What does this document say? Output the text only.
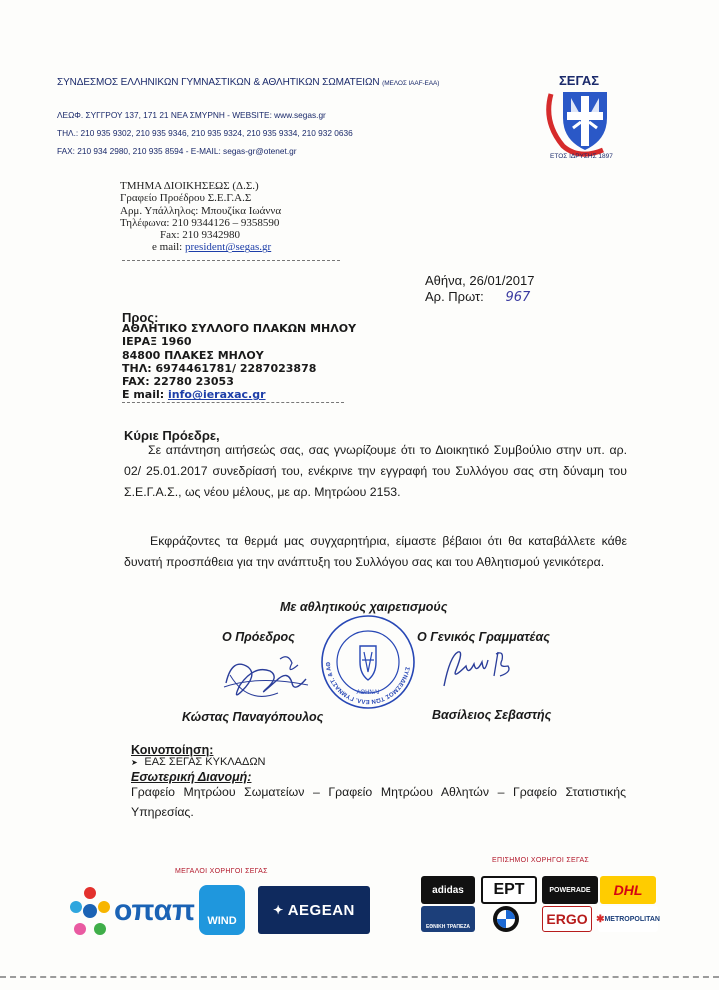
ΣΥΝΔΕΣΜΟΣ ΕΛΛΗΝΙΚΩΝ ΓΥΜΝΑΣΤΙΚΩΝ & ΑΘΛΗΤΙΚΩΝ ΣΩΜΑΤΕΙΩΝ (ΜΕΛΟΣ IAAF-ΕΑΑ)
ΛΕΩΦ. ΣΥΓΓΡΟΥ 137, 171 21 ΝΕΑ ΣΜΥΡΝΗ - WEBSITE: www.segas.gr
ΤΗΛ.: 210 935 9302, 210 935 9346, 210 935 9324, 210 935 9334, 210 932 0636
FAX: 210 934 2980, 210 935 8594 - E-MAIL: segas-gr@otenet.gr
ΣΕΓΑΣ
ΕΤΟΣ ΙΔΡΥΣΗΣ 1897
ΤΜΗΜΑ ΔΙΟΙΚΗΣΕΩΣ (Δ.Σ.)
Γραφείο Προέδρου Σ.Ε.Γ.Α.Σ
Αρμ. Υπάλληλος: Μπουζίκα Ιωάννα
Τηλέφωνα: 210 9344126 – 9358590
Fax: 210 9342980
e mail: president@segas.gr
Αθήνα, 26/01/2017
Αρ. Πρωτ: 967
Προς:
ΑΘΛΗΤΙΚΟ ΣΥΛΛΟΓΟ ΠΛΑΚΩΝ ΜΗΛΟΥ
ΙΕΡΑΞ 1960
84800 ΠΛΑΚΕΣ ΜΗΛΟΥ
ΤΗΛ: 6974461781/ 2287023878
FAX: 22780 23053
E mail: info@ieraxac.gr
Κύριε Πρόεδρε,
Σε απάντηση αιτήσεώς σας, σας γνωρίζουμε ότι το Διοικητικό Συμβούλιο στην υπ. αρ. 02/ 25.01.2017 συνεδρίασή του, ενέκρινε την εγγραφή του Συλλόγου σας στη δύναμη του Σ.Ε.Γ.Α.Σ., ως νέου μέλους, με αρ. Μητρώου 2153.
Εκφράζοντες τα θερμά μας συγχαρητήρια, είμαστε βέβαιοι ότι θα καταβάλλετε κάθε δυνατή προσπάθεια για την ανάπτυξη του Συλλόγου σας και του Αθλητισμού γενικότερα.
Με αθλητικούς χαιρετισμούς
Ο Πρόεδρος	Ο Γενικός Γραμματέας
ΣΥΝΔΕΣΜΟΣ ΤΩΝ ΕΛΛ. ΓΥΜΝΑΣΤ. & ΑΘ
ΑΘΗΝΑΙ
Κώστας Παναγόπουλος	Βασίλειος Σεβαστής
Κοινοποίηση:
➤   ΕΑΣ ΣΕΓΑΣ ΚΥΚΛΑΔΩΝ
Εσωτερική Διανομή:
Γραφείο Μητρώου Σωματείων – Γραφείο Μητρώου Αθλητών – Γραφείο Στατιστικής Υπηρεσίας.
ΜΕΓΑΛΟΙ ΧΟΡΗΓΟΙ ΣΕΓΑΣ
ΕΠΙΣΗΜΟΙ ΧΟΡΗΓΟΙ ΣΕΓΑΣ
οπαπ	WIND
✦ AEGEAN
adidas	ΕΡΤ	POWERADE	DHL
ΕΘΝΙΚΗ ΤΡΑΠΕΖΑ	ERGO ✱ METROPOLITAN
